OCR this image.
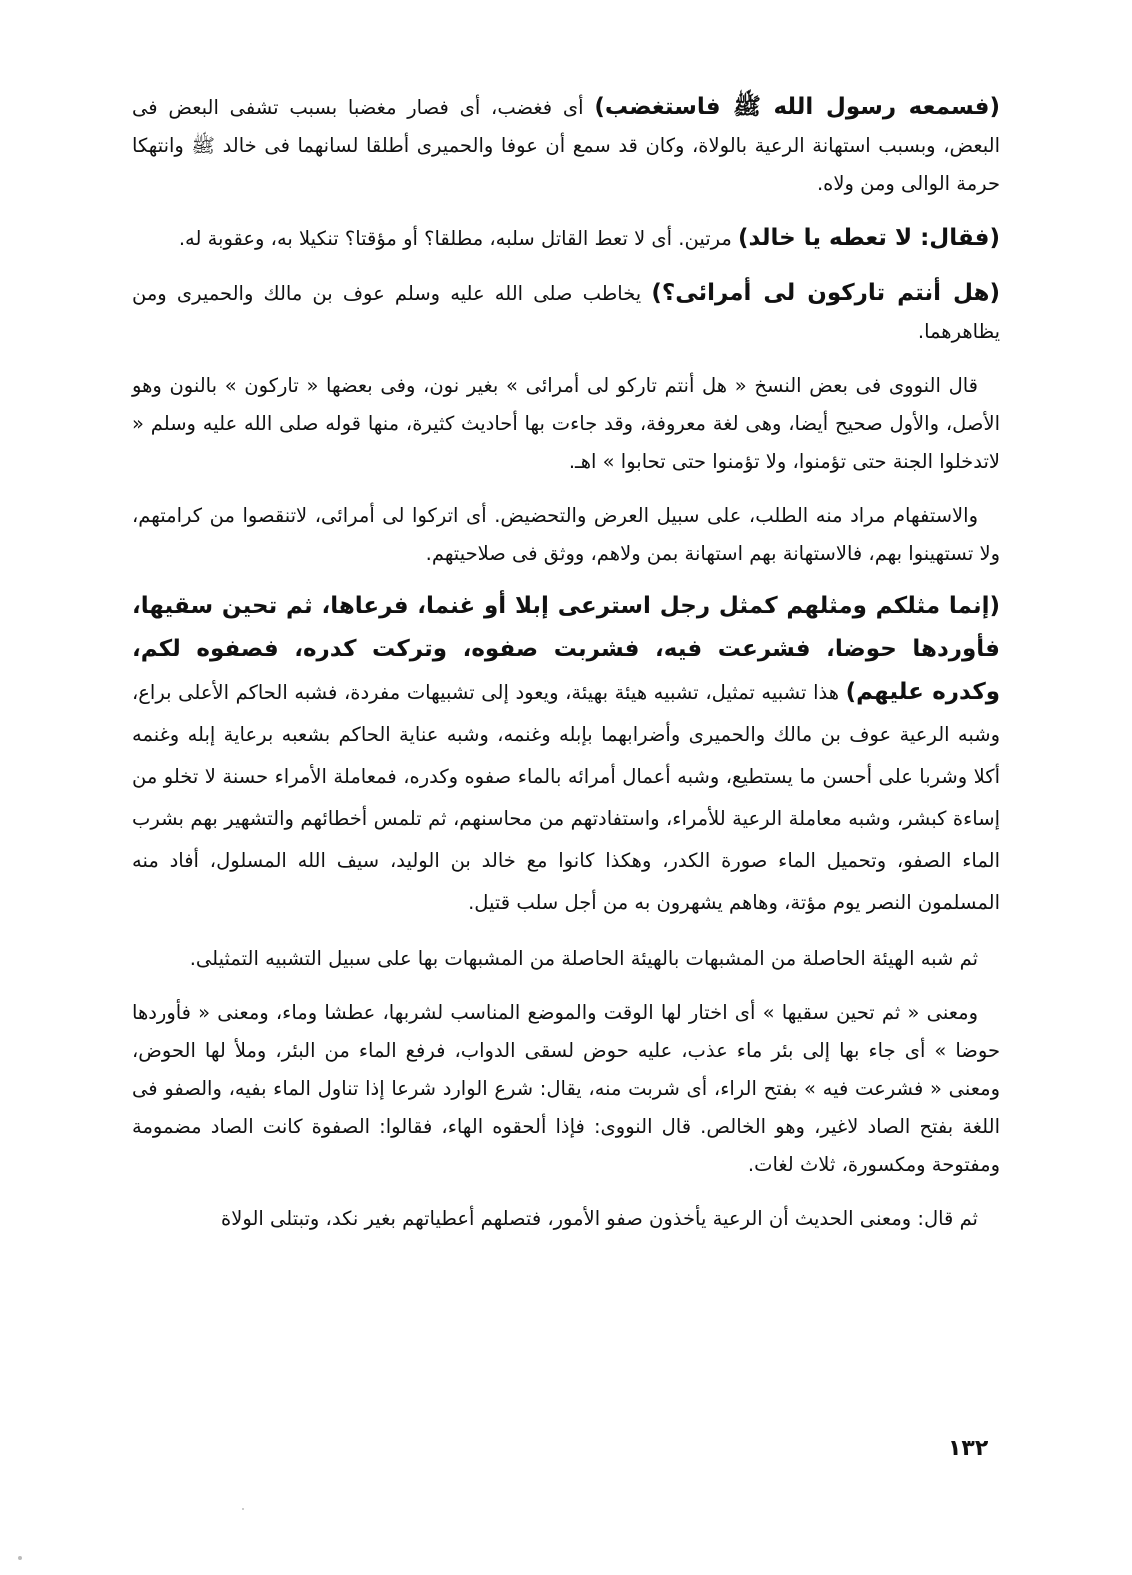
(فسمعه رسول الله ﷺ فاستغضب) أى فغضب، أى فصار مغضبا بسبب تشفى البعض فى البعض، وبسبب استهانة الرعية بالولاة، وكان قد سمع أن عوفا والحميرى أطلقا لسانهما فى خالد ﷺ وانتهكا حرمة الوالى ومن ولاه.

(فقال: لا تعطه يا خالد) مرتين. أى لا تعط القاتل سلبه، مطلقا؟ أو مؤقتا؟ تنكيلا به، وعقوبة له.

(هل أنتم تاركون لى أمرائى؟) يخاطب صلى الله عليه وسلم عوف بن مالك والحميرى ومن يظاهرهما.

قال النووى فى بعض النسخ « هل أنتم تاركو لى أمرائى » بغير نون، وفى بعضها « تاركون » بالنون وهو الأصل، والأول صحيح أيضا، وهى لغة معروفة، وقد جاءت بها أحاديث كثيرة، منها قوله صلى الله عليه وسلم « لاتدخلوا الجنة حتى تؤمنوا، ولا تؤمنوا حتى تحابوا » اهـ.

والاستفهام مراد منه الطلب، على سبيل العرض والتحضيض. أى اتركوا لى أمرائى، لاتنقصوا من كرامتهم، ولا تستهينوا بهم، فالاستهانة بهم استهانة بمن ولاهم، ووثق فى صلاحيتهم.

(إنما مثلكم ومثلهم كمثل رجل استرعى إبلا أو غنما، فرعاها، ثم تحين سقيها، فأوردها حوضا، فشرعت فيه، فشربت صفوه، وتركت كدره، فصفوه لكم، وكدره عليهم) هذا تشبيه تمثيل، تشبيه هيئة بهيئة، ويعود إلى تشبيهات مفردة، فشبه الحاكم الأعلى براع، وشبه الرعية عوف بن مالك والحميرى وأضرابهما بإبله وغنمه، وشبه عناية الحاكم بشعبه برعاية إبله وغنمه أكلا وشربا على أحسن ما يستطيع، وشبه أعمال أمرائه بالماء صفوه وكدره، فمعاملة الأمراء حسنة لا تخلو من إساءة كبشر، وشبه معاملة الرعية للأمراء، واستفادتهم من محاسنهم، ثم تلمس أخطائهم والتشهير بهم بشرب الماء الصفو، وتحميل الماء صورة الكدر، وهكذا كانوا مع خالد بن الوليد، سيف الله المسلول، أفاد منه المسلمون النصر يوم مؤتة، وهاهم يشهرون به من أجل سلب قتيل.

ثم شبه الهيئة الحاصلة من المشبهات بالهيئة الحاصلة من المشبهات بها على سبيل التشبيه التمثيلى.

ومعنى « ثم تحين سقيها » أى اختار لها الوقت والموضع المناسب لشربها، عطشا وماء، ومعنى « فأوردها حوضا » أى جاء بها إلى بئر ماء عذب، عليه حوض لسقى الدواب، فرفع الماء من البئر، وملأ لها الحوض، ومعنى « فشرعت فيه » بفتح الراء، أى شربت منه، يقال: شرع الوارد شرعا إذا تناول الماء بفيه، والصفو فى اللغة بفتح الصاد لاغير، وهو الخالص. قال النووى: فإذا ألحقوه الهاء، فقالوا: الصفوة كانت الصاد مضمومة ومفتوحة ومكسورة، ثلاث لغات.

ثم قال: ومعنى الحديث أن الرعية يأخذون صفو الأمور، فتصلهم أعطياتهم بغير نكد، وتبتلى الولاة

١٣٢
